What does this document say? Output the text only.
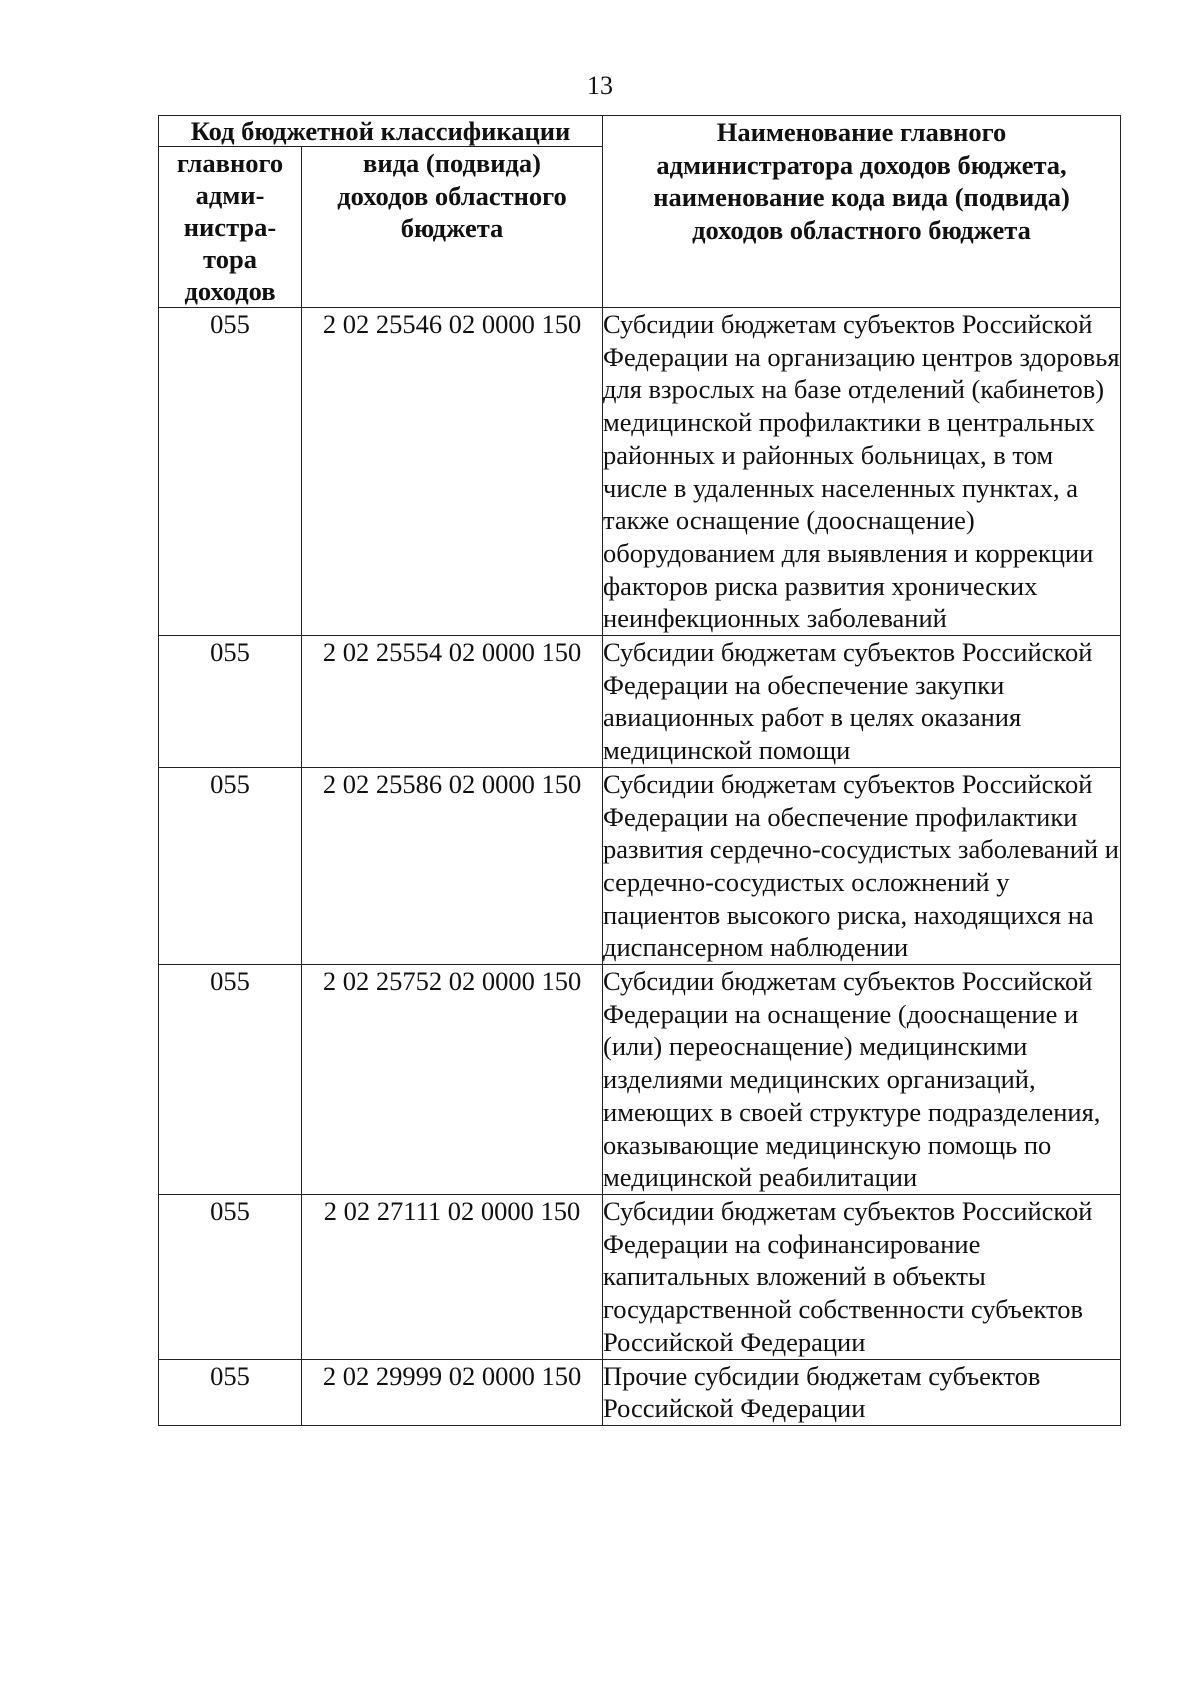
13
Код бюджетной классификации		Наименование главного
администратора доходов бюджета,
наименование кода вида (подвида)
доходов областного бюджета
главного
адми-
нистра-
тора
доходов	вида (подвида)
доходов областного
бюджета	
055	2 02 25546 02 0000 150	Субсидии бюджетам субъектов Российской Федерации на организацию центров здоровья для взрослых на базе отделений (кабинетов) медицинской профилактики в центральных районных и районных больницах, в том числе в удаленных населенных пунктах, а также оснащение (дооснащение) оборудованием для выявления и коррекции факторов риска развития хронических неинфекционных заболеваний
055	2 02 25554 02 0000 150	Субсидии бюджетам субъектов Российской Федерации на обеспечение закупки авиационных работ в целях оказания медицинской помощи
055	2 02 25586 02 0000 150	Субсидии бюджетам субъектов Российской Федерации на обеспечение профилактики развития сердечно-сосудистых заболеваний и сердечно-сосудистых осложнений у пациентов высокого риска, находящихся на диспансерном наблюдении
055	2 02 25752 02 0000 150	Субсидии бюджетам субъектов Российской Федерации на оснащение (дооснащение и (или) переоснащение) медицинскими изделиями медицинских организаций, имеющих в своей структуре подразделения, оказывающие медицинскую помощь по медицинской реабилитации
055	2 02 27111 02 0000 150	Субсидии бюджетам субъектов Российской Федерации на софинансирование капитальных вложений в объекты государственной собственности субъектов Российской Федерации
055	2 02 29999 02 0000 150	Прочие субсидии бюджетам субъектов Российской Федерации
